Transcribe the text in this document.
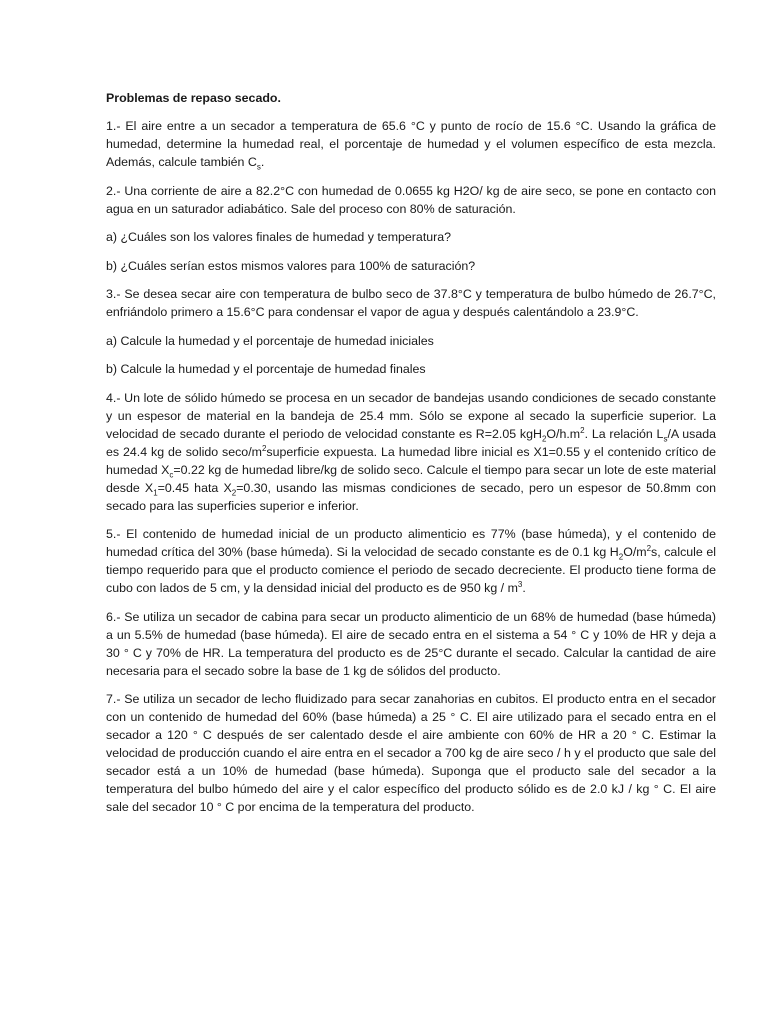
Problemas de repaso secado.

1.- El aire entre a un secador a temperatura de 65.6 °C y punto de rocío de 15.6 °C. Usando la gráfica de humedad, determine la humedad real, el porcentaje de humedad y el volumen específico de esta mezcla. Además, calcule también $C_s$.

2.- Una corriente de aire a 82.2°C con humedad de 0.0655 kg H2O/ kg de aire seco, se pone en contacto con agua en un saturador adiabático. Sale del proceso con 80% de saturación.

a) ¿Cuáles son los valores finales de humedad y temperatura?

b) ¿Cuáles serían estos mismos valores para 100% de saturación?

3.- Se desea secar aire con temperatura de bulbo seco de 37.8°C y temperatura de bulbo húmedo de 26.7°C, enfriándolo primero a 15.6°C para condensar el vapor de agua y después calentándolo a 23.9°C.

a) Calcule la humedad y el porcentaje de humedad iniciales

b) Calcule la humedad y el porcentaje de humedad finales

4.- Un lote de sólido húmedo se procesa en un secador de bandejas usando condiciones de secado constante y un espesor de material en la bandeja de 25.4 mm. Sólo se expone al secado la superficie superior. La velocidad de secado durante el periodo de velocidad constante es R=2.05 $kgH_2O/h.m^2$. La relación $L_s/A$ usada es 24.4 kg de solido seco/$m^2superficie$ expuesta. La humedad libre inicial es X1=0.55 y el contenido crítico de humedad $X_c=0.22$ kg de humedad libre/kg de solido seco. Calcule el tiempo para secar un lote de este material desde $X_1=0.45$ hata $X_2=0.30$, usando las mismas condiciones de secado, pero un espesor de 50.8mm con secado para las superficies superior e inferior.

5.- El contenido de humedad inicial de un producto alimenticio es 77% (base húmeda), y el contenido de humedad crítica del 30% (base húmeda). Si la velocidad de secado constante es de 0.1 kg $H_2O/m^2s$, calcule el tiempo requerido para que el producto comience el periodo de secado decreciente. El producto tiene forma de cubo con lados de 5 cm, y la densidad inicial del producto es de 950 kg / $m^3$.

6.- Se utiliza un secador de cabina para secar un producto alimenticio de un 68% de humedad (base húmeda) a un 5.5% de humedad (base húmeda). El aire de secado entra en el sistema a 54 ° C y 10% de HR y deja a 30 ° C y 70% de HR. La temperatura del producto es de 25°C durante el secado. Calcular la cantidad de aire necesaria para el secado sobre la base de 1 kg de sólidos del producto.

7.- Se utiliza un secador de lecho fluidizado para secar zanahorias en cubitos. El producto entra en el secador con un contenido de humedad del 60% (base húmeda) a 25 ° C. El aire utilizado para el secado entra en el secador a 120 ° C después de ser calentado desde el aire ambiente con 60% de HR a 20 ° C. Estimar la velocidad de producción cuando el aire entra en el secador a 700 kg de aire seco / h y el producto que sale del secador está a un 10% de humedad (base húmeda). Suponga que el producto sale del secador a la temperatura del bulbo húmedo del aire y el calor específico del producto sólido es de 2.0 kJ / kg ° C. El aire sale del secador 10 ° C por encima de la temperatura del producto.
